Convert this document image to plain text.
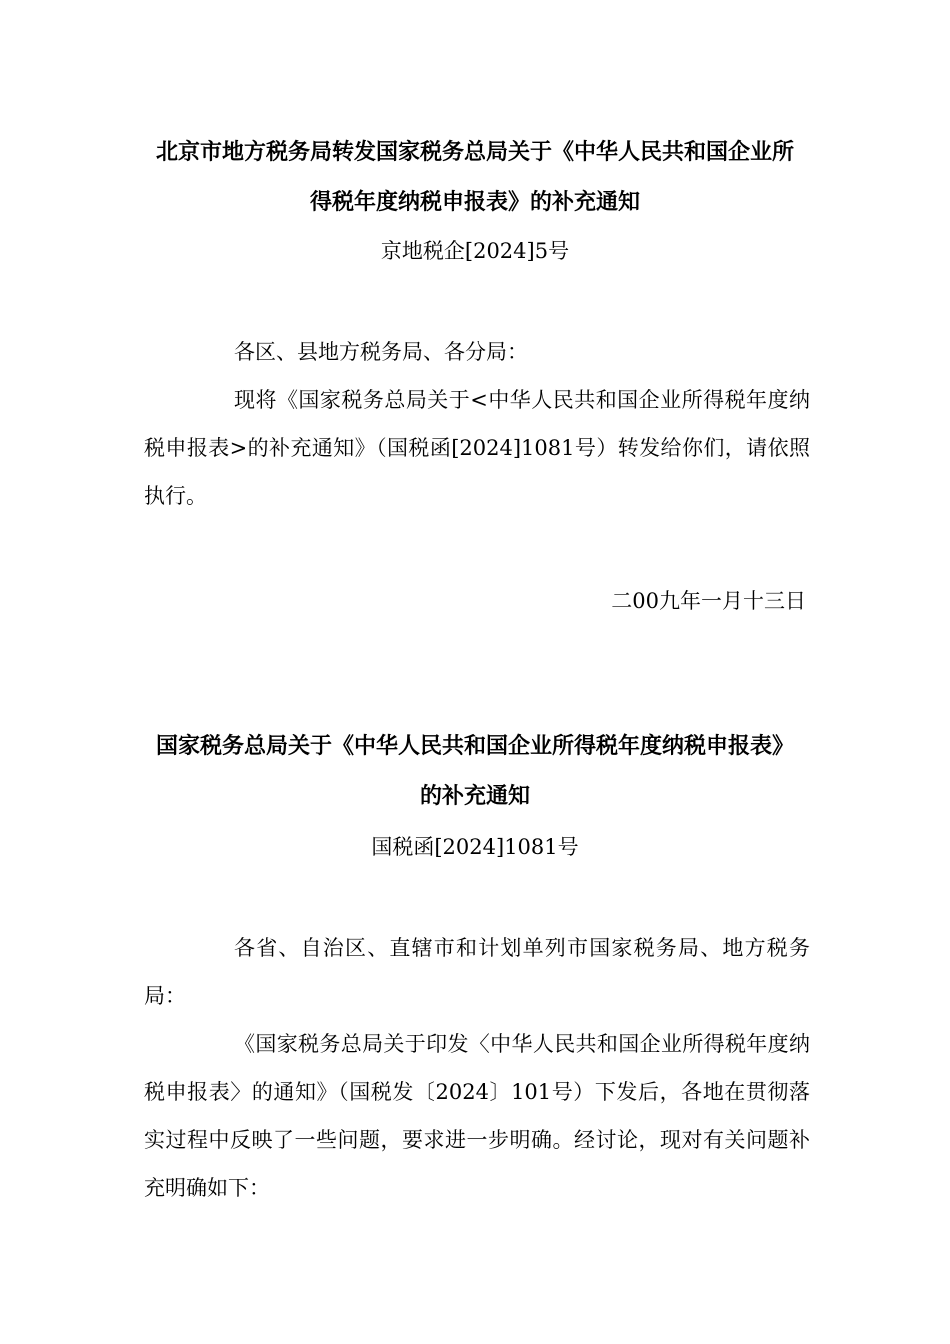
北京市地方税务局转发国家税务总局关于《中华人民共和国企业所
得税年度纳税申报表》的补充通知
京地税企[2024]5号

各区、县地方税务局、各分局：

现将《国家税务总局关于<中华人民共和国企业所得税年度纳税申报表>的补充通知》（国税函[2024]1081号）转发给你们，请依照执行。

二00九年一月十三日
国家税务总局关于《中华人民共和国企业所得税年度纳税申报表》
的补充通知
国税函[2024]1081号

各省、自治区、直辖市和计划单列市国家税务局、地方税务局：

《国家税务总局关于印发〈中华人民共和国企业所得税年度纳税申报表〉的通知》（国税发〔2024〕101号）下发后，各地在贯彻落实过程中反映了一些问题，要求进一步明确。经讨论，现对有关问题补充明确如下：
